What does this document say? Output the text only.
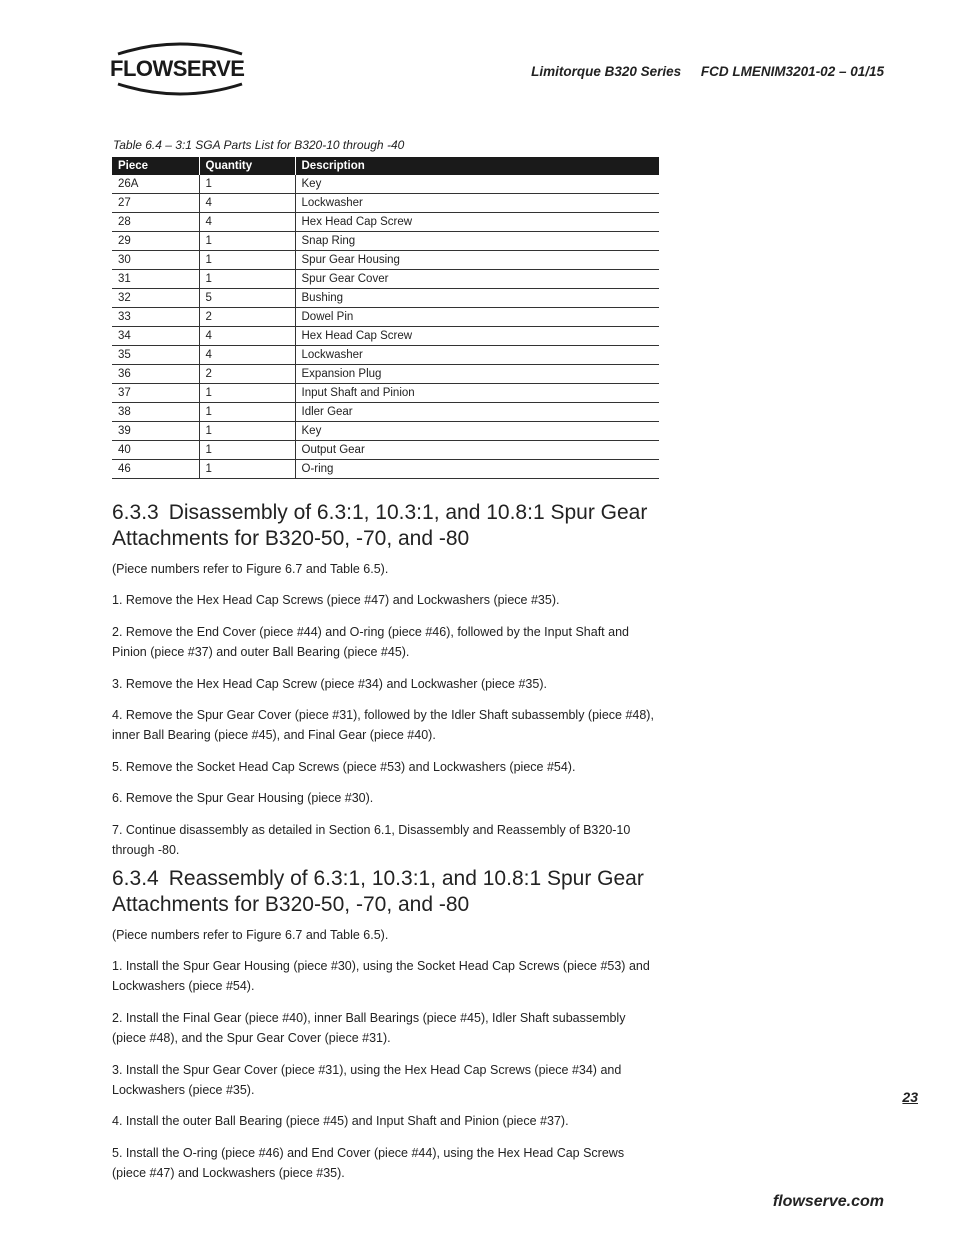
FLOWSERVE	Limitorque B320 Series FCD LMENIM3201-02 – 01/15
Table 6.4 – 3:1 SGA Parts List for B320-10 through -40
Piece	Quantity	Description
26A	1	Key
27	4	Lockwasher
28	4	Hex Head Cap Screw
29	1	Snap Ring
30	1	Spur Gear Housing
31	1	Spur Gear Cover
32	5	Bushing
33	2	Dowel Pin
34	4	Hex Head Cap Screw
35	4	Lockwasher
36	2	Expansion Plug
37	1	Input Shaft and Pinion
38	1	Idler Gear
39	1	Key
40	1	Output Gear
46	1	O-ring
6.3.3 Disassembly of 6.3:1, 10.3:1, and 10.8:1 Spur Gear
Attachments for B320-50, -70, and -80

(Piece numbers refer to Figure 6.7 and Table 6.5).

1. Remove the Hex Head Cap Screws (piece #47) and Lockwashers (piece #35).

2. Remove the End Cover (piece #44) and O-ring (piece #46), followed by the Input Shaft and Pinion (piece #37) and outer Ball Bearing (piece #45).

3. Remove the Hex Head Cap Screw (piece #34) and Lockwasher (piece #35).

4. Remove the Spur Gear Cover (piece #31), followed by the Idler Shaft subassembly (piece #48), inner Ball Bearing (piece #45), and Final Gear (piece #40).

5. Remove the Socket Head Cap Screws (piece #53) and Lockwashers (piece #54).

6. Remove the Spur Gear Housing (piece #30).

7. Continue disassembly as detailed in Section 6.1, Disassembly and Reassembly of B320-10 through -80.

6.3.4 Reassembly of 6.3:1, 10.3:1, and 10.8:1 Spur Gear
Attachments for B320-50, -70, and -80

(Piece numbers refer to Figure 6.7 and Table 6.5).

1. Install the Spur Gear Housing (piece #30), using the Socket Head Cap Screws (piece #53) and Lockwashers (piece #54).

2. Install the Final Gear (piece #40), inner Ball Bearings (piece #45), Idler Shaft subassembly (piece #48), and the Spur Gear Cover (piece #31).

3. Install the Spur Gear Cover (piece #31), using the Hex Head Cap Screws (piece #34) and Lockwashers (piece #35).

4. Install the outer Ball Bearing (piece #45) and Input Shaft and Pinion (piece #37).

5. Install the O-ring (piece #46) and End Cover (piece #44), using the Hex Head Cap Screws (piece #47) and Lockwashers (piece #35).

23
flowserve.com
